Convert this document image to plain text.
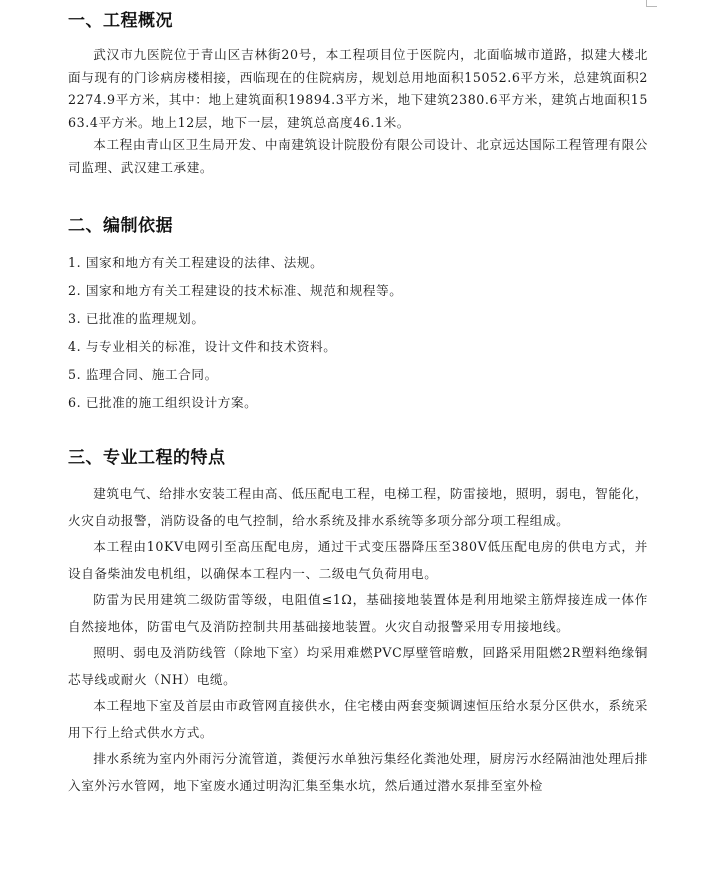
一、工程概况

武汉市九医院位于青山区吉林街20号，本工程项目位于医院内，北面临城市道路，拟建大楼北面与现有的门诊病房楼相接，西临现在的住院病房，规划总用地面积15052.6平方米，总建筑面积22274.9平方米，其中：地上建筑面积19894.3平方米，地下建筑2380.6平方米，建筑占地面积1563.4平方米。地上12层，地下一层，建筑总高度46.1米。

本工程由青山区卫生局开发、中南建筑设计院股份有限公司设计、北京远达国际工程管理有限公司监理、武汉建工承建。

二、编制依据
1. 国家和地方有关工程建设的法律、法规。
2. 国家和地方有关工程建设的技术标准、规范和规程等。
3. 已批准的监理规划。
4. 与专业相关的标准，设计文件和技术资料。
5. 监理合同、施工合同。
6. 已批准的施工组织设计方案。
三、专业工程的特点

建筑电气、给排水安装工程由高、低压配电工程，电梯工程，防雷接地，照明，弱电，智能化，火灾自动报警，消防设备的电气控制，给水系统及排水系统等多项分部分项工程组成。

本工程由10KV电网引至高压配电房，通过干式变压器降压至380V低压配电房的供电方式，并设自备柴油发电机组，以确保本工程内一、二级电气负荷用电。

防雷为民用建筑二级防雷等级，电阻值≤1Ω，基础接地装置体是利用地梁主筋焊接连成一体作自然接地体，防雷电气及消防控制共用基础接地装置。火灾自动报警采用专用接地线。

照明、弱电及消防线管（除地下室）均采用难燃PVC厚壁管暗敷，回路采用阻燃2R塑料绝缘铜芯导线或耐火（NH）电缆。

本工程地下室及首层由市政管网直接供水，住宅楼由两套变频调速恒压给水泵分区供水，系统采用下行上给式供水方式。

排水系统为室内外雨污分流管道，粪便污水单独污集经化粪池处理，厨房污水经隔油池处理后排入室外污水管网，地下室废水通过明沟汇集至集水坑，然后通过潜水泵排至室外检
